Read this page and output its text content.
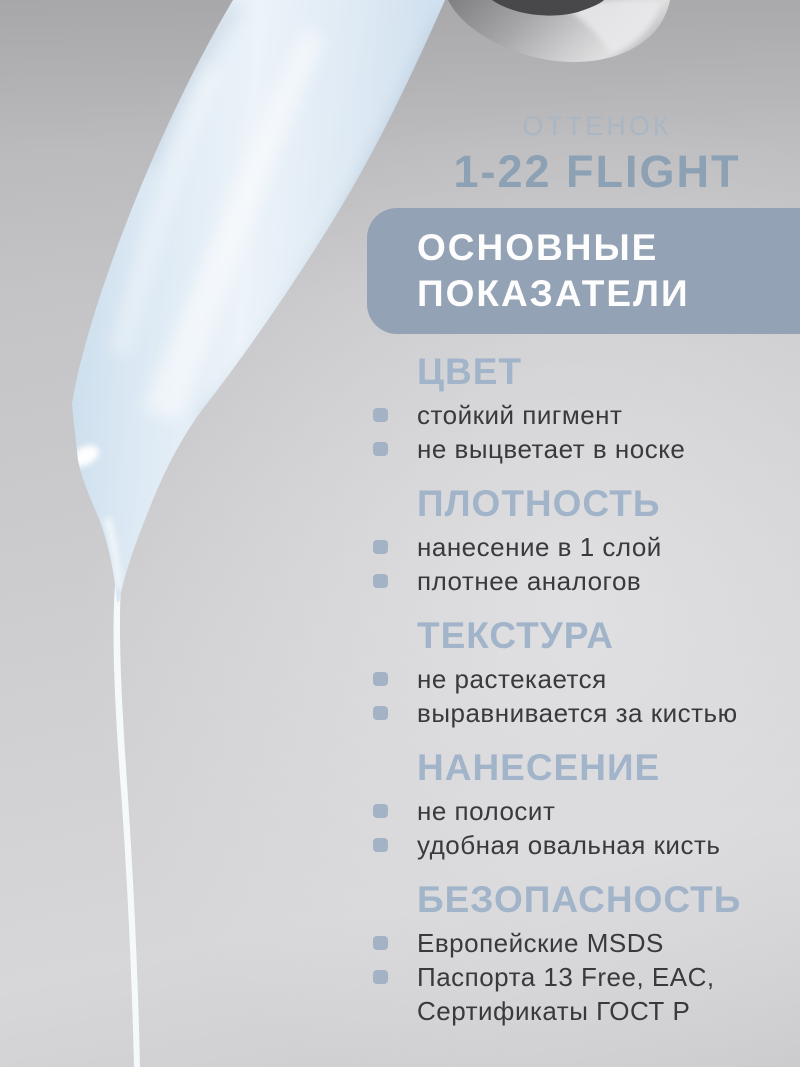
ОТТЕНОК
1-22 FLIGHT
ОСНОВНЫЕ ПОКАЗАТЕЛИ
ЦВЕТ
стойкий пигмент
не выцветает в носке
ПЛОТНОСТЬ
нанесение в 1 слой
плотнее аналогов
ТЕКСТУРА
не растекается
выравнивается за кистью
НАНЕСЕНИЕ
не полосит
удобная овальная кисть
БЕЗОПАСНОСТЬ
Европейские MSDS
Паспорта 13 Free, EAC, Сертификаты ГОСТ Р
